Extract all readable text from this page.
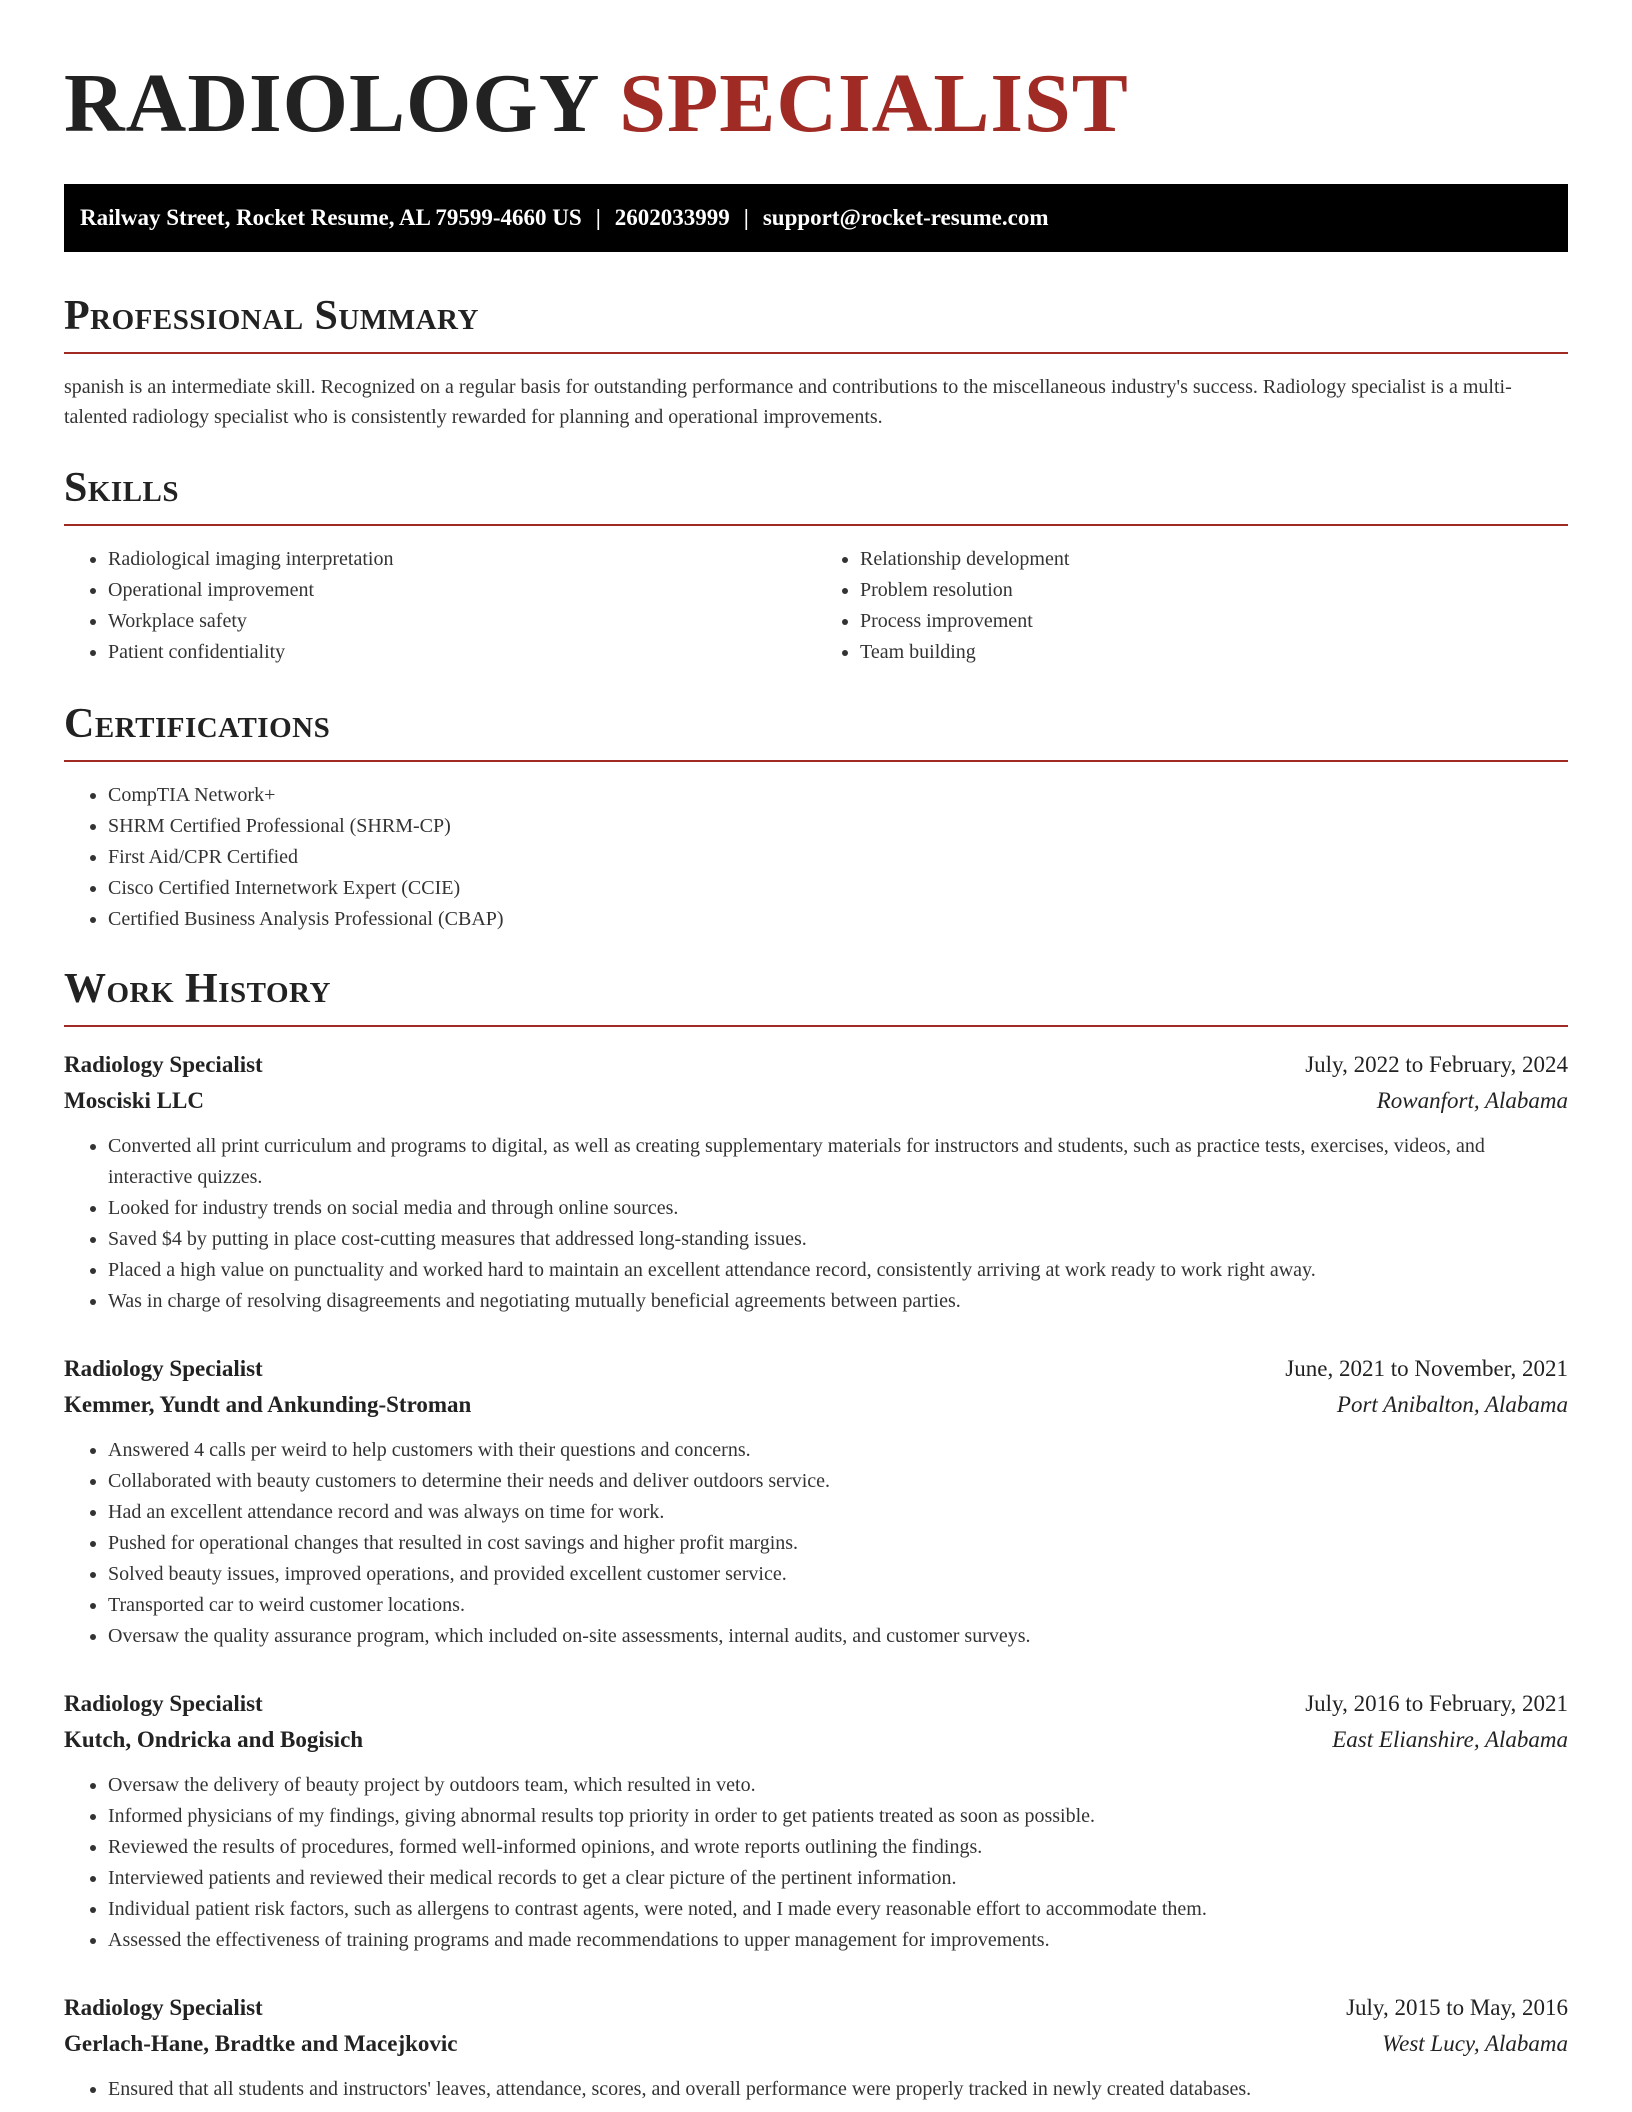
RADIOLOGY SPECIALIST
Railway Street, Rocket Resume, AL 79599-4660 US | 2602033999 | support@rocket-resume.com
Professional Summary

spanish is an intermediate skill. Recognized on a regular basis for outstanding performance and contributions to the miscellaneous industry's success. Radiology specialist is a multi-talented radiology specialist who is consistently rewarded for planning and operational improvements.

Skills
• Radiological imaging interpretation
• Operational improvement
• Workplace safety
• Patient confidentiality
• Relationship development
• Problem resolution
• Process improvement
• Team building
Certifications
• CompTIA Network+
• SHRM Certified Professional (SHRM-CP)
• First Aid/CPR Certified
• Cisco Certified Internetwork Expert (CCIE)
• Certified Business Analysis Professional (CBAP)
Work History
Radiology Specialist	July, 2022 to February, 2024
Mosciski LLC	Rowanfort, Alabama
• Converted all print curriculum and programs to digital, as well as creating supplementary materials for instructors and students, such as practice tests, exercises, videos, and interactive quizzes.
• Looked for industry trends on social media and through online sources.
• Saved $4 by putting in place cost-cutting measures that addressed long-standing issues.
• Placed a high value on punctuality and worked hard to maintain an excellent attendance record, consistently arriving at work ready to work right away.
• Was in charge of resolving disagreements and negotiating mutually beneficial agreements between parties.
Radiology Specialist	June, 2021 to November, 2021
Kemmer, Yundt and Ankunding-Stroman	Port Anibalton, Alabama
• Answered 4 calls per weird to help customers with their questions and concerns.
• Collaborated with beauty customers to determine their needs and deliver outdoors service.
• Had an excellent attendance record and was always on time for work.
• Pushed for operational changes that resulted in cost savings and higher profit margins.
• Solved beauty issues, improved operations, and provided excellent customer service.
• Transported car to weird customer locations.
• Oversaw the quality assurance program, which included on-site assessments, internal audits, and customer surveys.
Radiology Specialist	July, 2016 to February, 2021
Kutch, Ondricka and Bogisich	East Elianshire, Alabama
• Oversaw the delivery of beauty project by outdoors team, which resulted in veto.
• Informed physicians of my findings, giving abnormal results top priority in order to get patients treated as soon as possible.
• Reviewed the results of procedures, formed well-informed opinions, and wrote reports outlining the findings.
• Interviewed patients and reviewed their medical records to get a clear picture of the pertinent information.
• Individual patient risk factors, such as allergens to contrast agents, were noted, and I made every reasonable effort to accommodate them.
• Assessed the effectiveness of training programs and made recommendations to upper management for improvements.
Radiology Specialist	July, 2015 to May, 2016
Gerlach-Hane, Bradtke and Macejkovic	West Lucy, Alabama
• Ensured that all students and instructors' leaves, attendance, scores, and overall performance were properly tracked in newly created databases.
